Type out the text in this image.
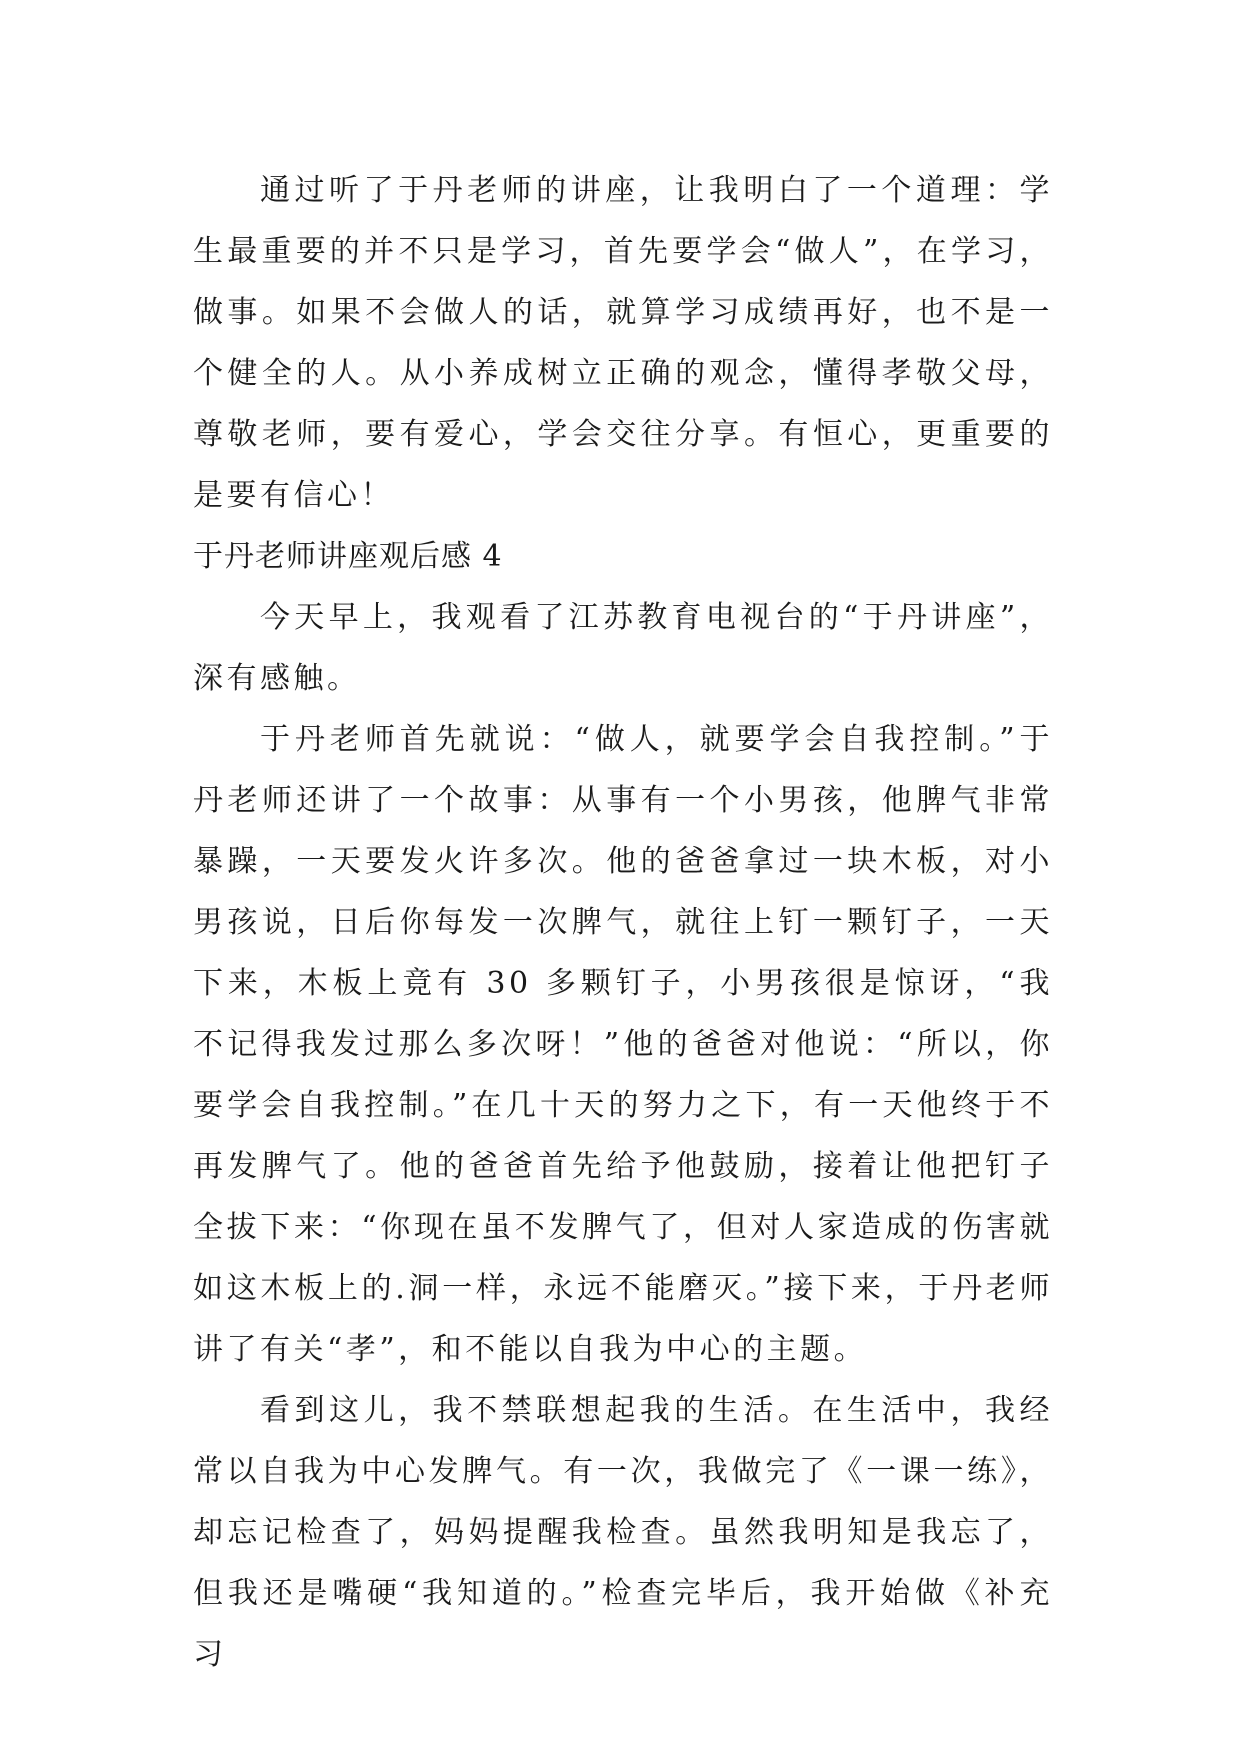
通过听了于丹老师的讲座，让我明白了一个道理：学生最重要的并不只是学习，首先要学会“做人”，在学习，做事。如果不会做人的话，就算学习成绩再好，也不是一个健全的人。从小养成树立正确的观念，懂得孝敬父母，尊敬老师，要有爱心，学会交往分享。有恒心，更重要的是要有信心！

于丹老师讲座观后感 4

今天早上，我观看了江苏教育电视台的“于丹讲座”，深有感触。

于丹老师首先就说：“做人，就要学会自我控制。”于丹老师还讲了一个故事：从事有一个小男孩，他脾气非常暴躁，一天要发火许多次。他的爸爸拿过一块木板，对小男孩说，日后你每发一次脾气，就往上钉一颗钉子，一天下来，木板上竟有 30 多颗钉子，小男孩很是惊讶，“我不记得我发过那么多次呀！”他的爸爸对他说：“所以，你要学会自我控制。”在几十天的努力之下，有一天他终于不再发脾气了。他的爸爸首先给予他鼓励，接着让他把钉子全拔下来：“你现在虽不发脾气了，但对人家造成的伤害就如这木板上的.洞一样，永远不能磨灭。”接下来，于丹老师讲了有关“孝”，和不能以自我为中心的主题。

看到这儿，我不禁联想起我的生活。在生活中，我经常以自我为中心发脾气。有一次，我做完了《一课一练》，却忘记检查了，妈妈提醒我检查。虽然我明知是我忘了，但我还是嘴硬“我知道的。”检查完毕后，我开始做《补充习
